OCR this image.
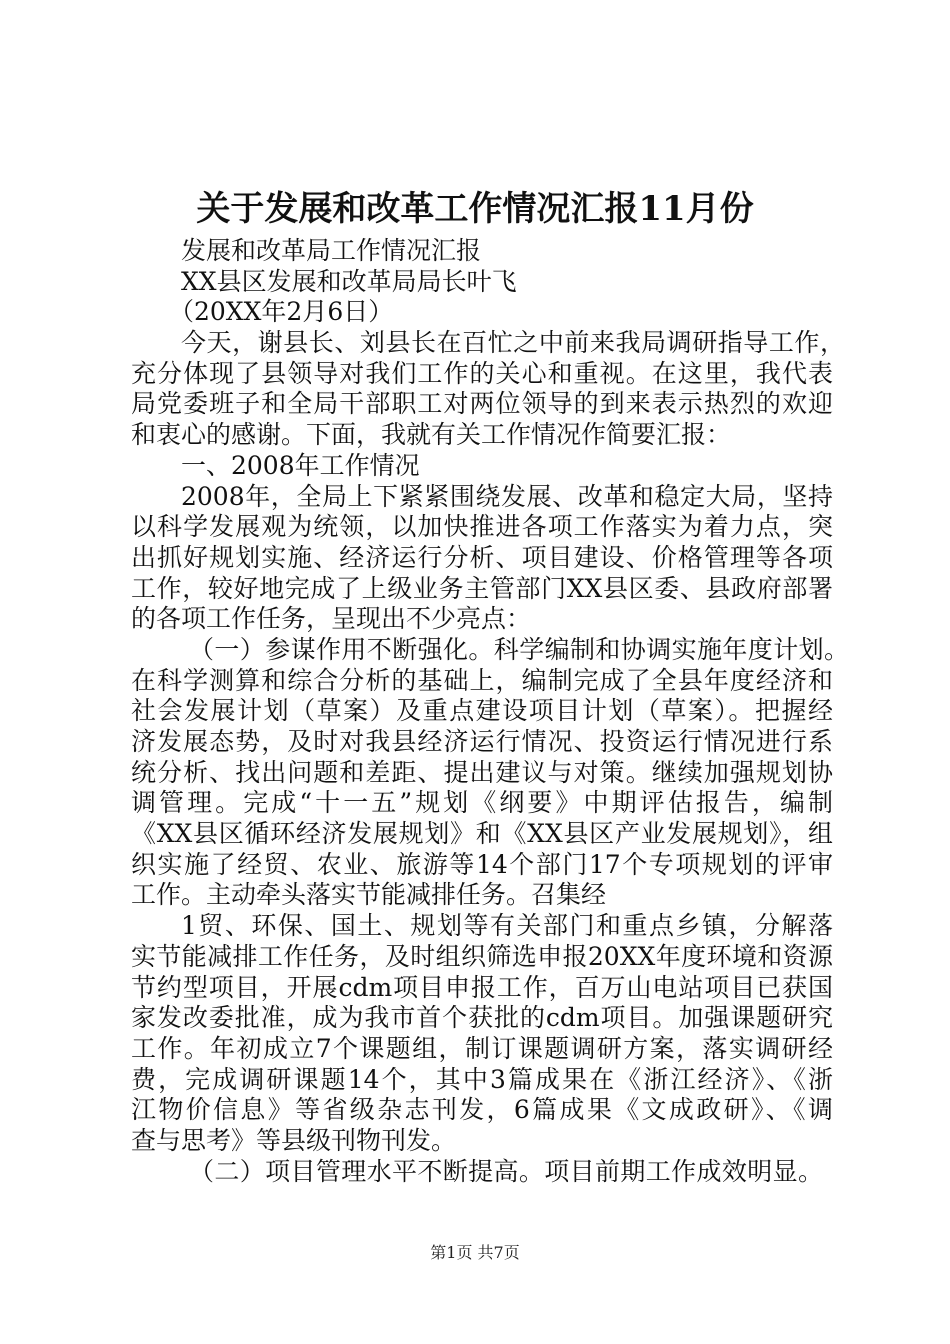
关于发展和改革工作情况汇报11月份
发展和改革局工作情况汇报
XX县区发展和改革局局长叶飞
（20XX年2月6日）
今天，谢县长、刘县长在百忙之中前来我局调研指导工作，
充分体现了县领导对我们工作的关心和重视。在这里，我代表
局党委班子和全局干部职工对两位领导的到来表示热烈的欢迎
和衷心的感谢。下面，我就有关工作情况作简要汇报：
一、2008年工作情况
2008年，全局上下紧紧围绕发展、改革和稳定大局，坚持
以科学发展观为统领，以加快推进各项工作落实为着力点，突
出抓好规划实施、经济运行分析、项目建设、价格管理等各项
工作，较好地完成了上级业务主管部门XX县区委、县政府部署
的各项工作任务，呈现出不少亮点：
（一）参谋作用不断强化。科学编制和协调实施年度计划。
在科学测算和综合分析的基础上，编制完成了全县年度经济和
社会发展计划（草案）及重点建设项目计划（草案）。把握经
济发展态势，及时对我县经济运行情况、投资运行情况进行系
统分析、找出问题和差距、提出建议与对策。继续加强规划协
调管理。完成“十一五”规划《纲要》中期评估报告，编制
《XX县区循环经济发展规划》和《XX县区产业发展规划》，组
织实施了经贸、农业、旅游等14个部门17个专项规划的评审
工作。主动牵头落实节能减排任务。召集经
1贸、环保、国土、规划等有关部门和重点乡镇，分解落
实节能减排工作任务，及时组织筛选申报20XX年度环境和资源
节约型项目，开展cdm项目申报工作，百万山电站项目已获国
家发改委批准，成为我市首个获批的cdm项目。加强课题研究
工作。年初成立7个课题组，制订课题调研方案，落实调研经
费，完成调研课题14个，其中3篇成果在《浙江经济》、《浙
江物价信息》等省级杂志刊发，6篇成果《文成政研》、《调
查与思考》等县级刊物刊发。
（二）项目管理水平不断提高。项目前期工作成效明显。
第1页 共7页
